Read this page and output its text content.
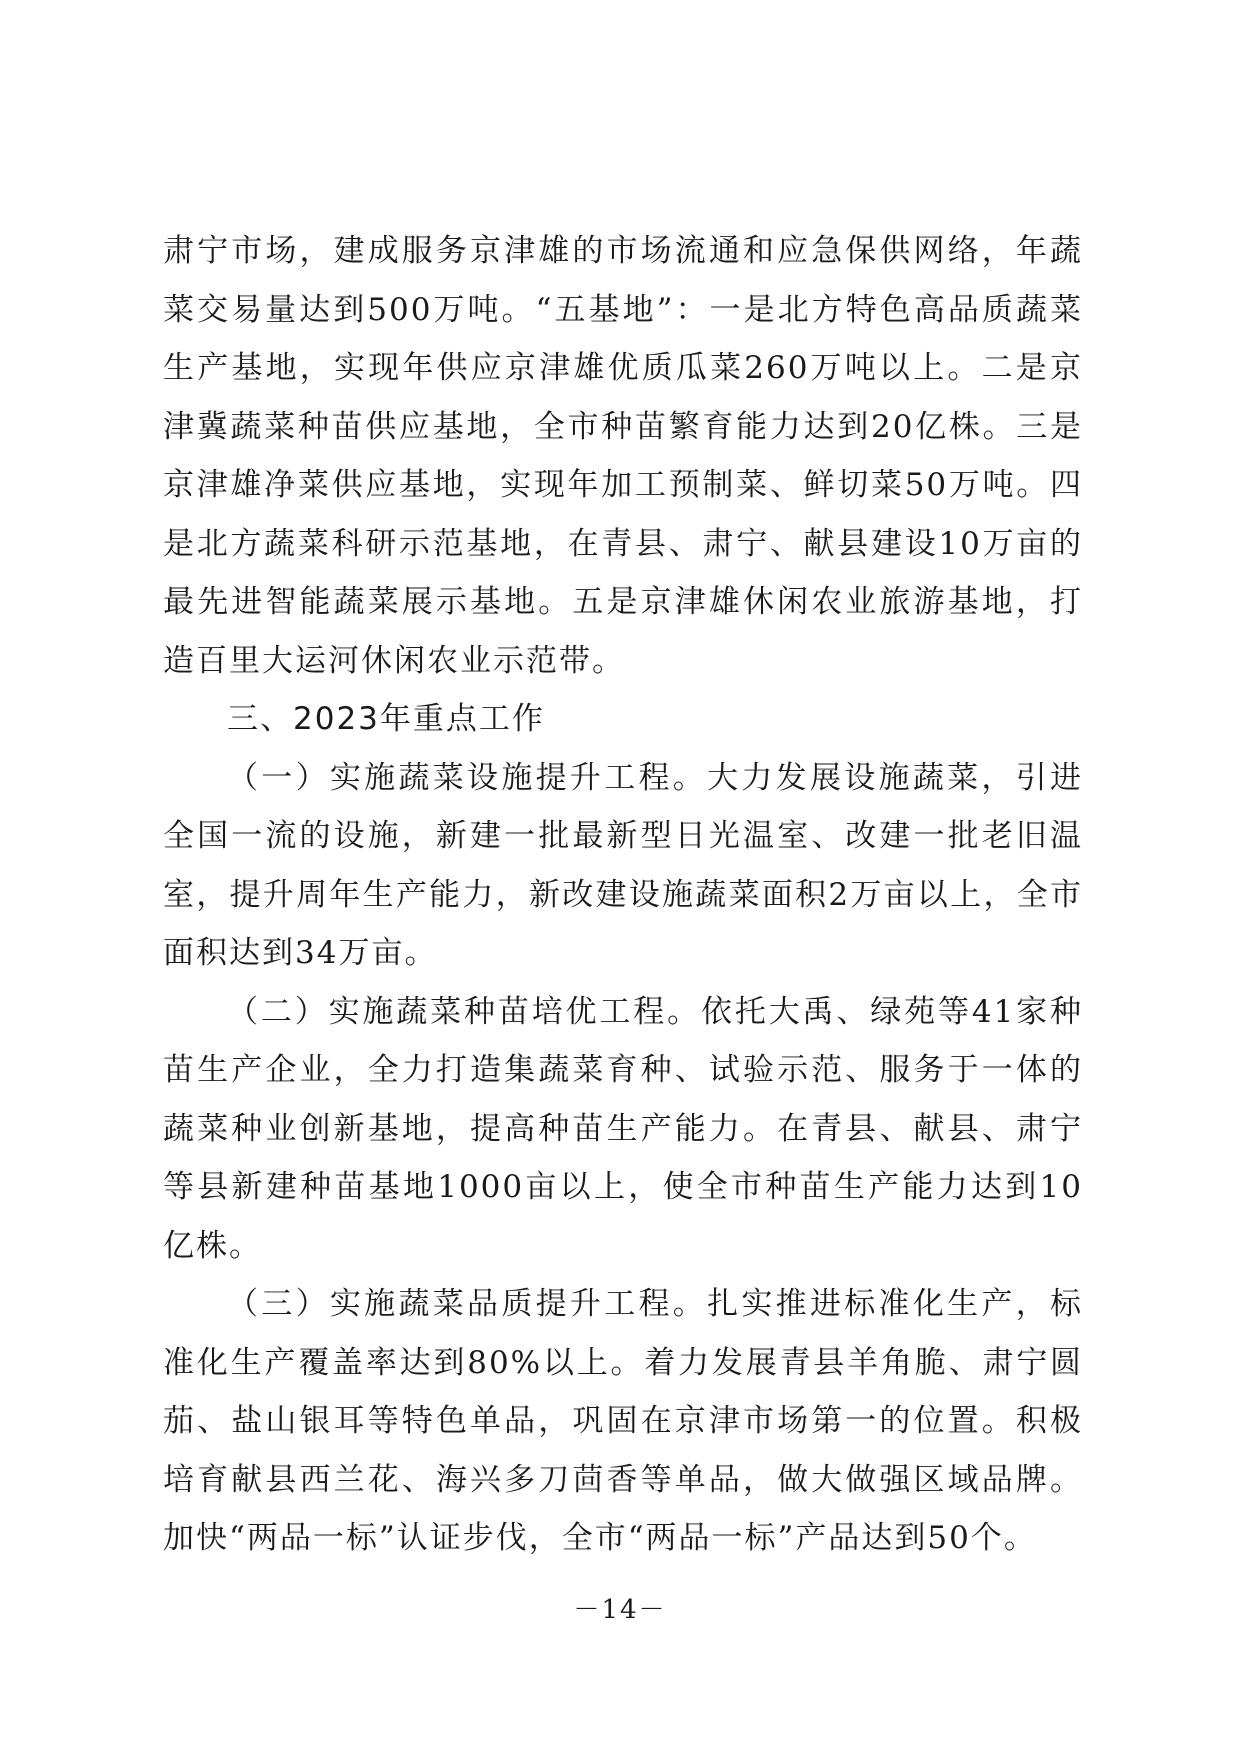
肃宁市场，建成服务京津雄的市场流通和应急保供网络，年蔬菜交易量达到500万吨。“五基地”：一是北方特色高品质蔬菜生产基地，实现年供应京津雄优质瓜菜260万吨以上。二是京津冀蔬菜种苗供应基地，全市种苗繁育能力达到20亿株。三是京津雄净菜供应基地，实现年加工预制菜、鲜切菜50万吨。四是北方蔬菜科研示范基地，在青县、肃宁、献县建设10万亩的最先进智能蔬菜展示基地。五是京津雄休闲农业旅游基地，打造百里大运河休闲农业示范带。

三、2023年重点工作

（一）实施蔬菜设施提升工程。大力发展设施蔬菜，引进全国一流的设施，新建一批最新型日光温室、改建一批老旧温室，提升周年生产能力，新改建设施蔬菜面积2万亩以上，全市面积达到34万亩。

（二）实施蔬菜种苗培优工程。依托大禹、绿苑等41家种苗生产企业，全力打造集蔬菜育种、试验示范、服务于一体的蔬菜种业创新基地，提高种苗生产能力。在青县、献县、肃宁等县新建种苗基地1000亩以上，使全市种苗生产能力达到10亿株。

（三）实施蔬菜品质提升工程。扎实推进标准化生产，标准化生产覆盖率达到80%以上。着力发展青县羊角脆、肃宁圆茄、盐山银耳等特色单品，巩固在京津市场第一的位置。积极培育献县西兰花、海兴多刀茴香等单品，做大做强区域品牌。加快“两品一标”认证步伐，全市“两品一标”产品达到50个。

－14－
